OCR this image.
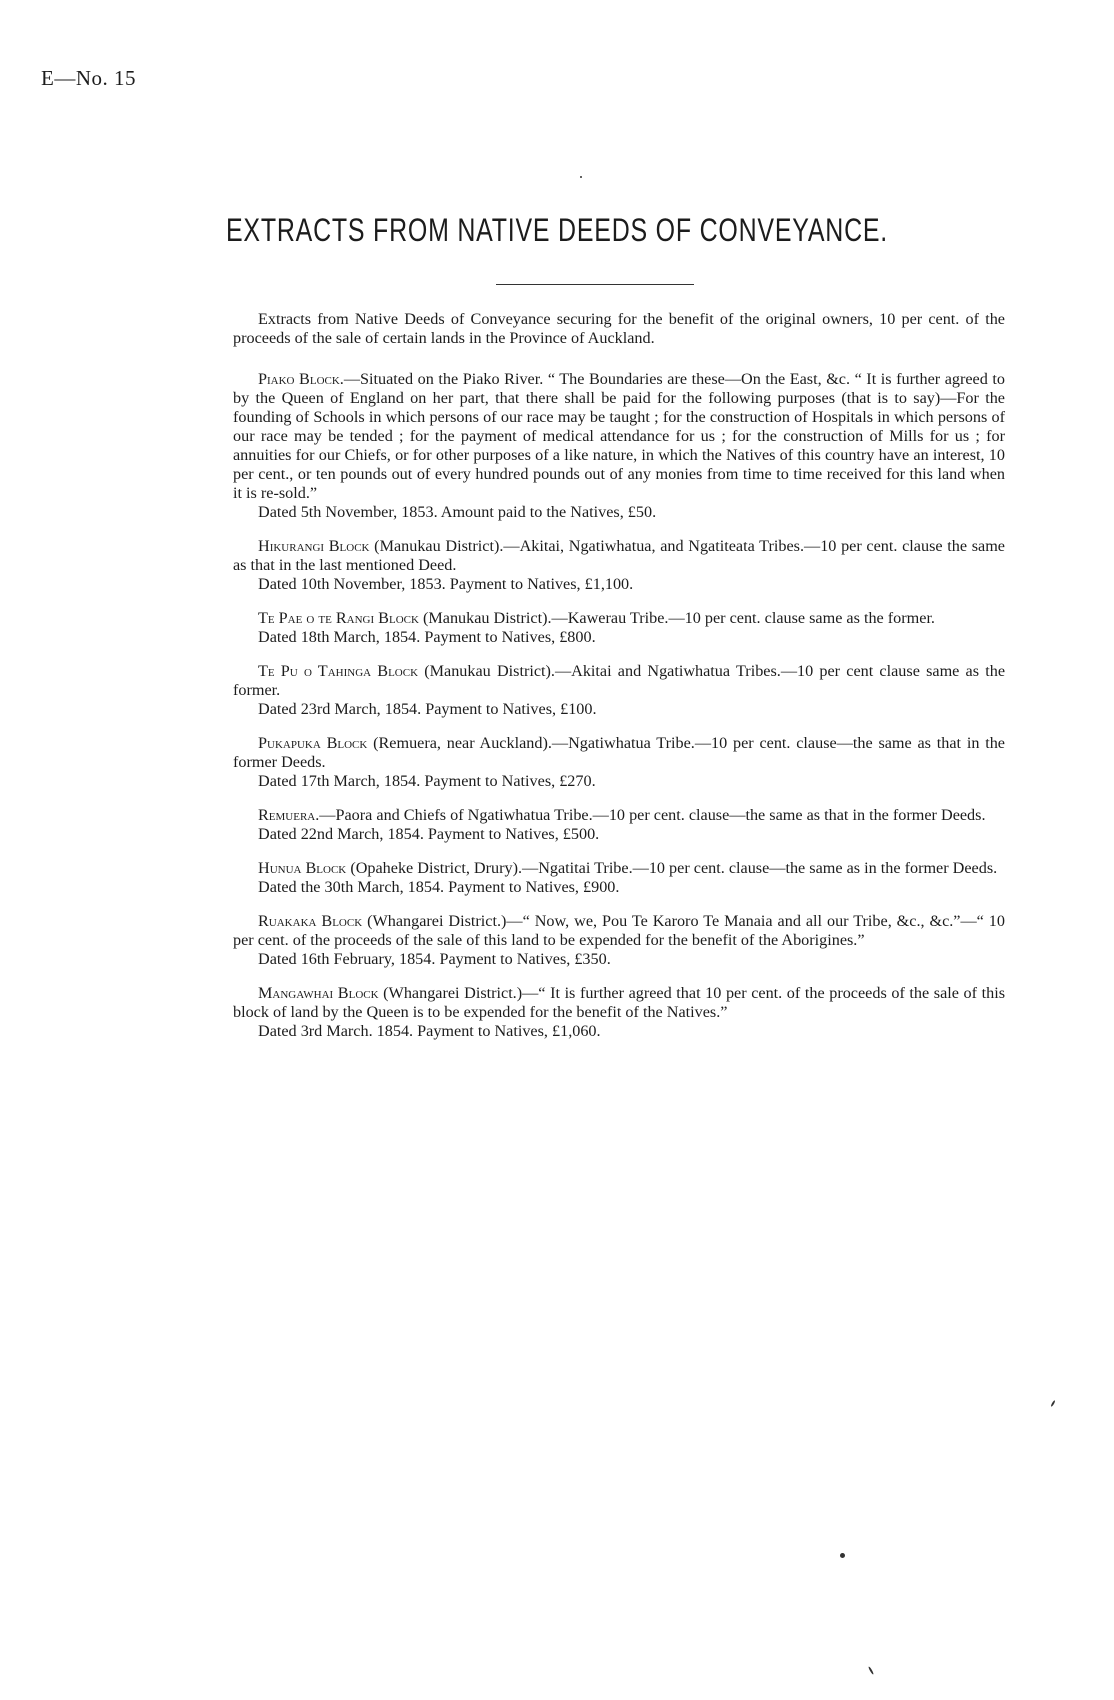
E—No. 15
EXTRACTS FROM NATIVE DEEDS OF CONVEYANCE.

Extracts from Native Deeds of Conveyance securing for the benefit of the original owners, 10 per cent. of the proceeds of the sale of certain lands in the Province of Auckland.

Piako Block.—Situated on the Piako River. “ The Boundaries are these—On the East, &c. “ It is further agreed to by the Queen of England on her part, that there shall be paid for the following purposes (that is to say)—For the founding of Schools in which persons of our race may be taught ; for the construction of Hospitals in which persons of our race may be tended ; for the payment of medical attendance for us ; for the construction of Mills for us ; for annuities for our Chiefs, or for other purposes of a like nature, in which the Natives of this country have an interest, 10 per cent., or ten pounds out of every hundred pounds out of any monies from time to time received for this land when it is re-sold.”

Dated 5th November, 1853. Amount paid to the Natives, £50.

Hikurangi Block (Manukau District).—Akitai, Ngatiwhatua, and Ngatiteata Tribes.—10 per cent. clause the same as that in the last mentioned Deed.

Dated 10th November, 1853. Payment to Natives, £1,100.

Te Pae o te Rangi Block (Manukau District).—Kawerau Tribe.—10 per cent. clause same as the former.

Dated 18th March, 1854. Payment to Natives, £800.

Te Pu o Tahinga Block (Manukau District).—Akitai and Ngatiwhatua Tribes.—10 per cent clause same as the former.

Dated 23rd March, 1854. Payment to Natives, £100.

Pukapuka Block (Remuera, near Auckland).—Ngatiwhatua Tribe.—10 per cent. clause—the same as that in the former Deeds.

Dated 17th March, 1854. Payment to Natives, £270.

Remuera.—Paora and Chiefs of Ngatiwhatua Tribe.—10 per cent. clause—the same as that in the former Deeds.

Dated 22nd March, 1854. Payment to Natives, £500.

Hunua Block (Opaheke District, Drury).—Ngatitai Tribe.—10 per cent. clause—the same as in the former Deeds.

Dated the 30th March, 1854. Payment to Natives, £900.

Ruakaka Block (Whangarei District.)—“ Now, we, Pou Te Karoro Te Manaia and all our Tribe, &c., &c.”—“ 10 per cent. of the proceeds of the sale of this land to be expended for the benefit of the Aborigines.”

Dated 16th February, 1854. Payment to Natives, £350.

Mangawhai Block (Whangarei District.)—“ It is further agreed that 10 per cent. of the proceeds of the sale of this block of land by the Queen is to be expended for the benefit of the Natives.”

Dated 3rd March. 1854. Payment to Natives, £1,060.
